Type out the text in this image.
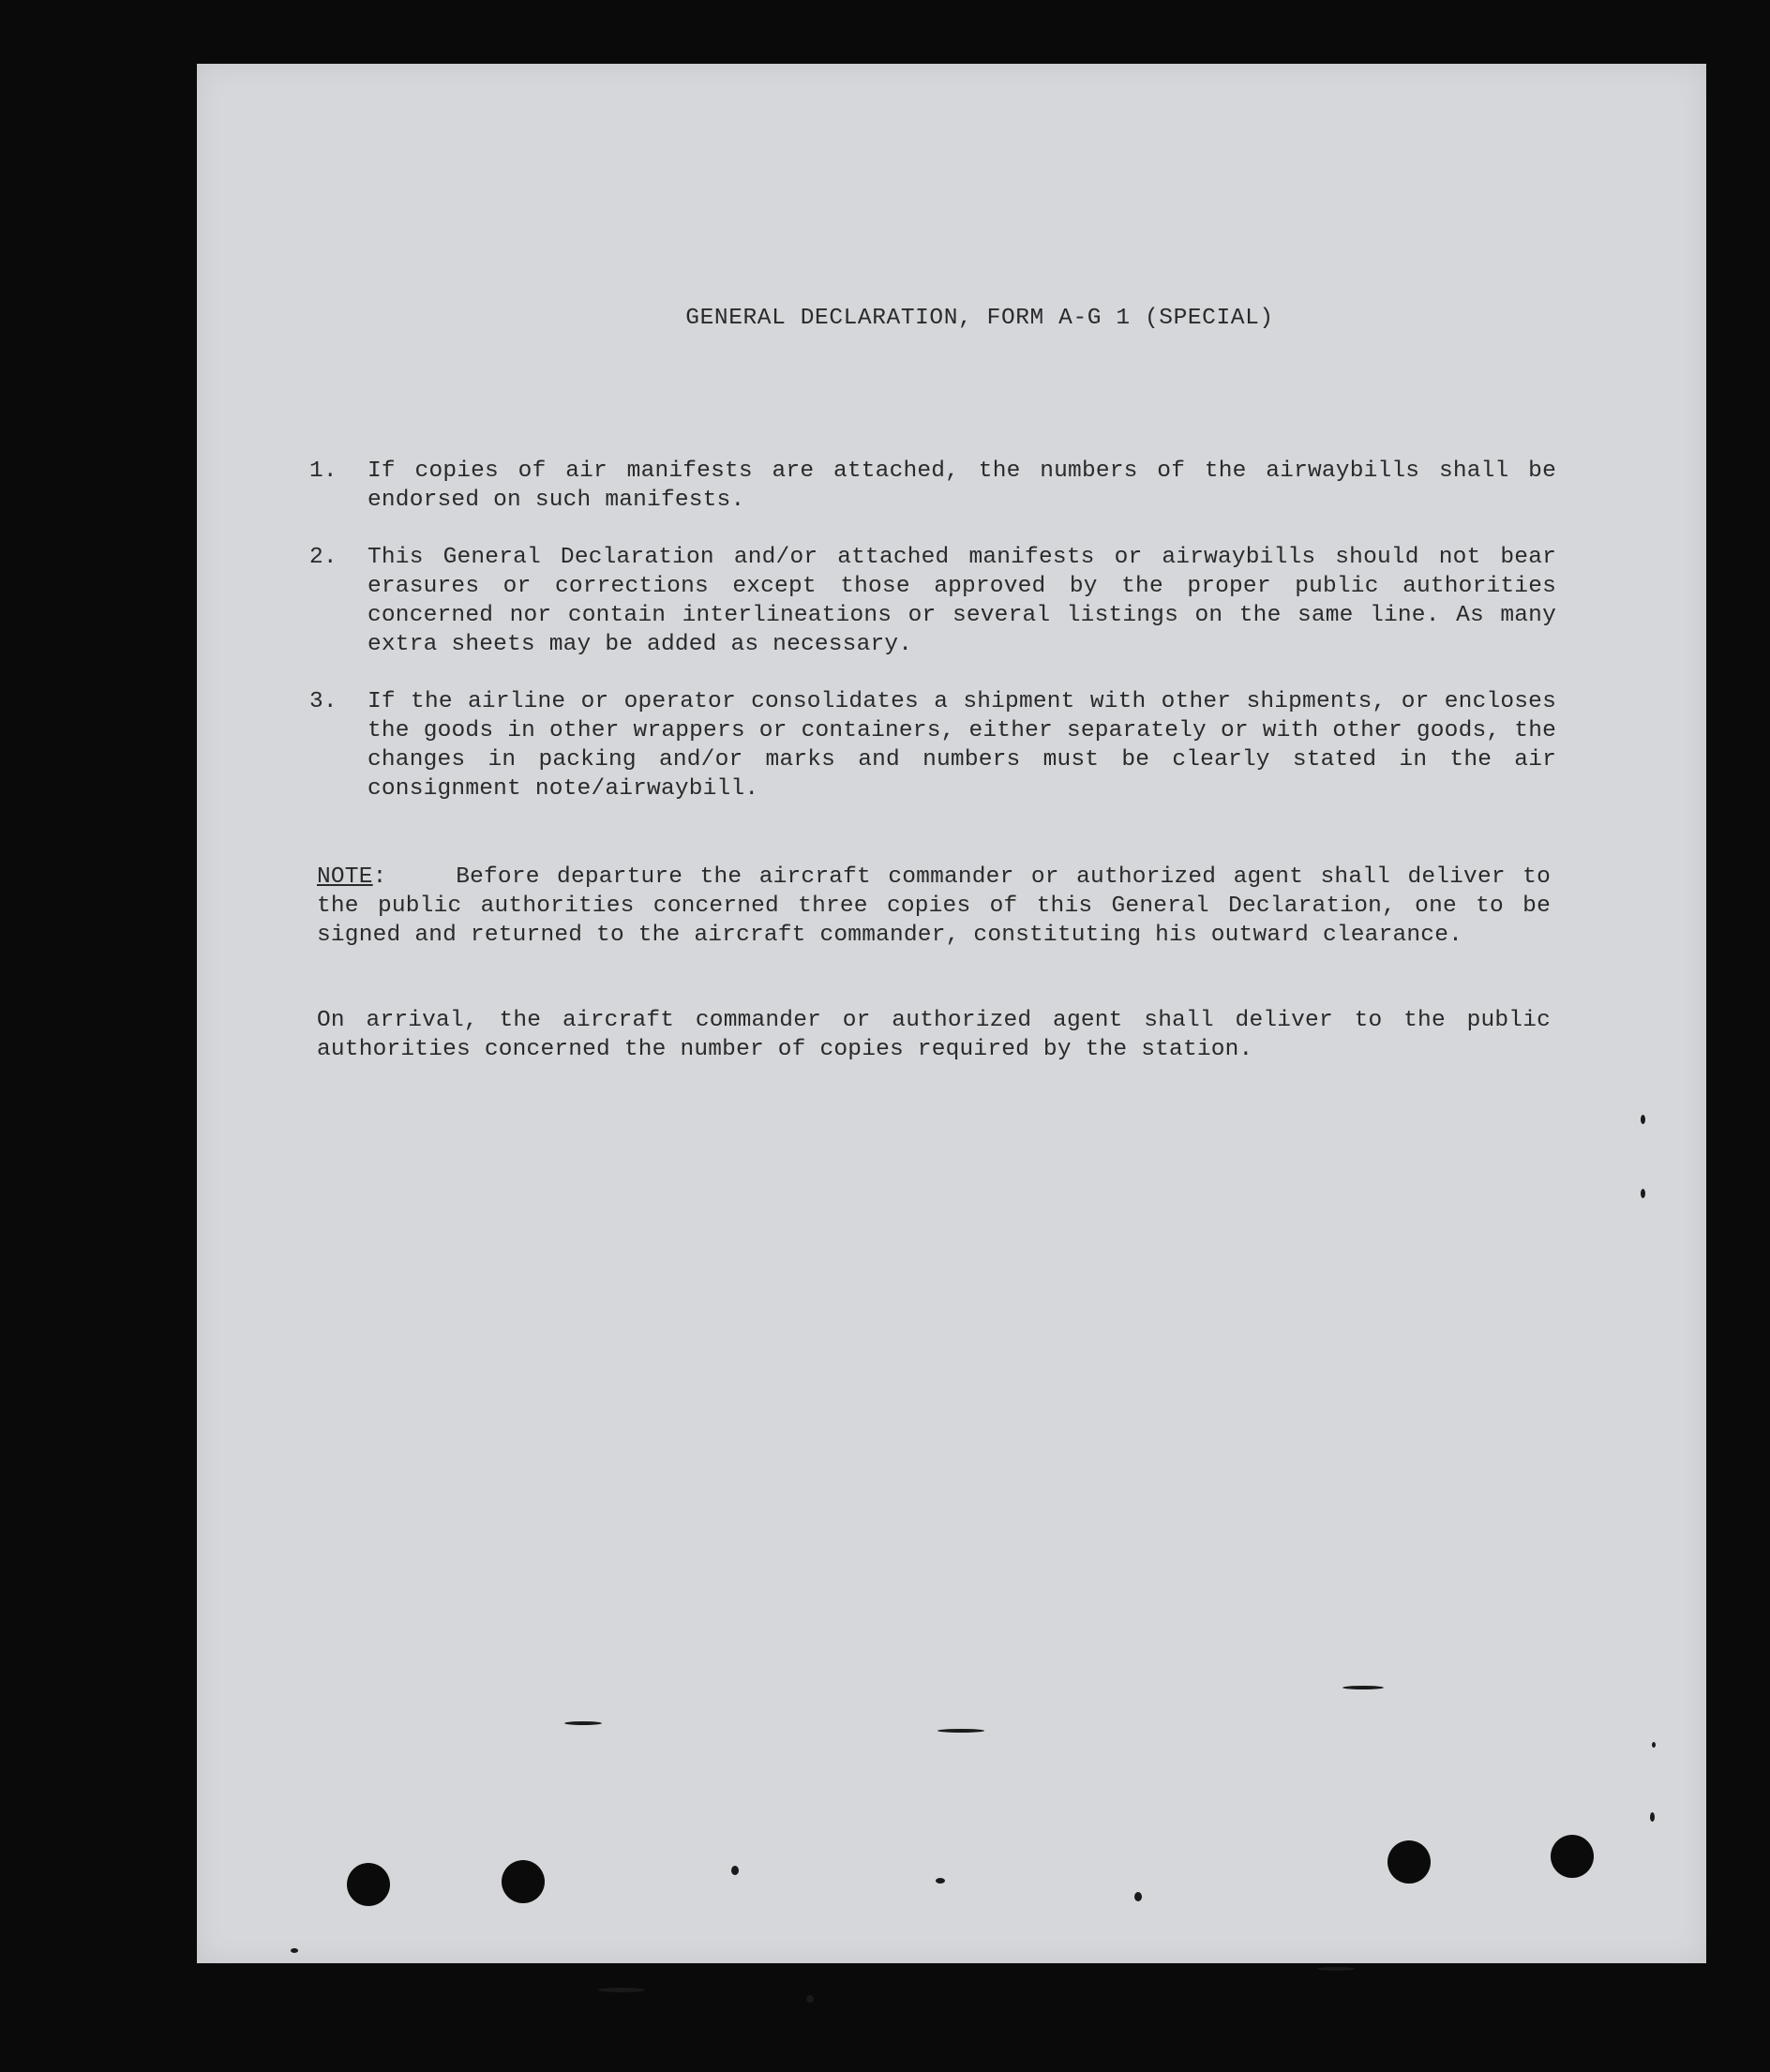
GENERAL DECLARATION, FORM A-G 1 (SPECIAL)
1.	If copies of air manifests are attached, the numbers of the airwaybills shall be endorsed on such manifests.
2.	This General Declaration and/or attached manifests or airwaybills should not bear erasures or corrections except those approved by the proper public authorities concerned nor contain interlineations or several listings on the same line. As many extra sheets may be added as necessary.
3.	If the airline or operator consolidates a shipment with other shipments, or encloses the goods in other wrappers or containers, either separately or with other goods, the changes in packing and/or marks and numbers must be clearly stated in the air consignment note/airwaybill.
NOTE:    Before departure the aircraft commander or authorized agent shall deliver to the public authorities concerned three copies of this General Declaration, one to be signed and returned to the aircraft commander, constituting his outward clearance.
On arrival, the aircraft commander or authorized agent shall deliver to the public authorities concerned the number of copies required by the station.
